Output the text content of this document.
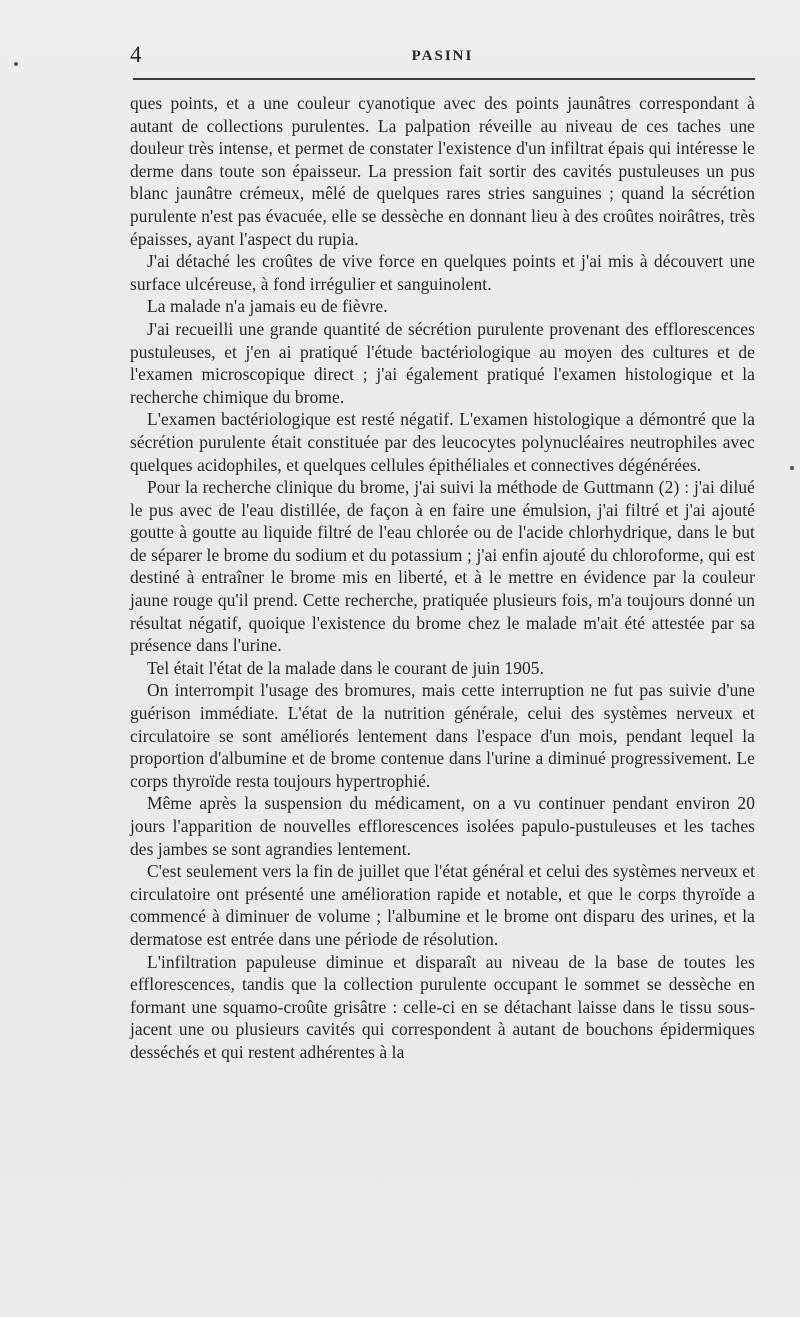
4	PASINI

ques points, et a une couleur cyanotique avec des points jaunâtres correspondant à autant de collections purulentes. La palpation réveille au niveau de ces taches une douleur très intense, et permet de constater l'existence d'un infiltrat épais qui intéresse le derme dans toute son épaisseur. La pression fait sortir des cavités pustuleuses un pus blanc jaunâtre crémeux, mêlé de quelques rares stries sanguines ; quand la sécrétion purulente n'est pas évacuée, elle se dessèche en donnant lieu à des croûtes noirâtres, très épaisses, ayant l'aspect du rupia.

J'ai détaché les croûtes de vive force en quelques points et j'ai mis à découvert une surface ulcéreuse, à fond irrégulier et sanguinolent.

La malade n'a jamais eu de fièvre.

J'ai recueilli une grande quantité de sécrétion purulente provenant des efflorescences pustuleuses, et j'en ai pratiqué l'étude bactériologique au moyen des cultures et de l'examen microscopique direct ; j'ai également pratiqué l'examen histologique et la recherche chimique du brome.

L'examen bactériologique est resté négatif. L'examen histologique a démontré que la sécrétion purulente était constituée par des leucocytes polynucléaires neutrophiles avec quelques acidophiles, et quelques cellules épithéliales et connectives dégénérées.

Pour la recherche clinique du brome, j'ai suivi la méthode de Guttmann (2) : j'ai dilué le pus avec de l'eau distillée, de façon à en faire une émulsion, j'ai filtré et j'ai ajouté goutte à goutte au liquide filtré de l'eau chlorée ou de l'acide chlorhydrique, dans le but de séparer le brome du sodium et du potassium ; j'ai enfin ajouté du chloroforme, qui est destiné à entraîner le brome mis en liberté, et à le mettre en évidence par la couleur jaune rouge qu'il prend. Cette recherche, pratiquée plusieurs fois, m'a toujours donné un résultat négatif, quoique l'existence du brome chez le malade m'ait été attestée par sa présence dans l'urine.

Tel était l'état de la malade dans le courant de juin 1905.

On interrompit l'usage des bromures, mais cette interruption ne fut pas suivie d'une guérison immédiate. L'état de la nutrition générale, celui des systèmes nerveux et circulatoire se sont améliorés lentement dans l'espace d'un mois, pendant lequel la proportion d'albumine et de brome contenue dans l'urine a diminué progressivement. Le corps thyroïde resta toujours hypertrophié.

Même après la suspension du médicament, on a vu continuer pendant environ 20 jours l'apparition de nouvelles efflorescences isolées papulo-pustuleuses et les taches des jambes se sont agrandies lentement.

C'est seulement vers la fin de juillet que l'état général et celui des systèmes nerveux et circulatoire ont présenté une amélioration rapide et notable, et que le corps thyroïde a commencé à diminuer de volume ; l'albumine et le brome ont disparu des urines, et la dermatose est entrée dans une période de résolution.

L'infiltration papuleuse diminue et disparaît au niveau de la base de toutes les efflorescences, tandis que la collection purulente occupant le sommet se dessèche en formant une squamo-croûte grisâtre : celle-ci en se détachant laisse dans le tissu sous-jacent une ou plusieurs cavités qui correspondent à autant de bouchons épidermiques desséchés et qui restent adhérentes à la
